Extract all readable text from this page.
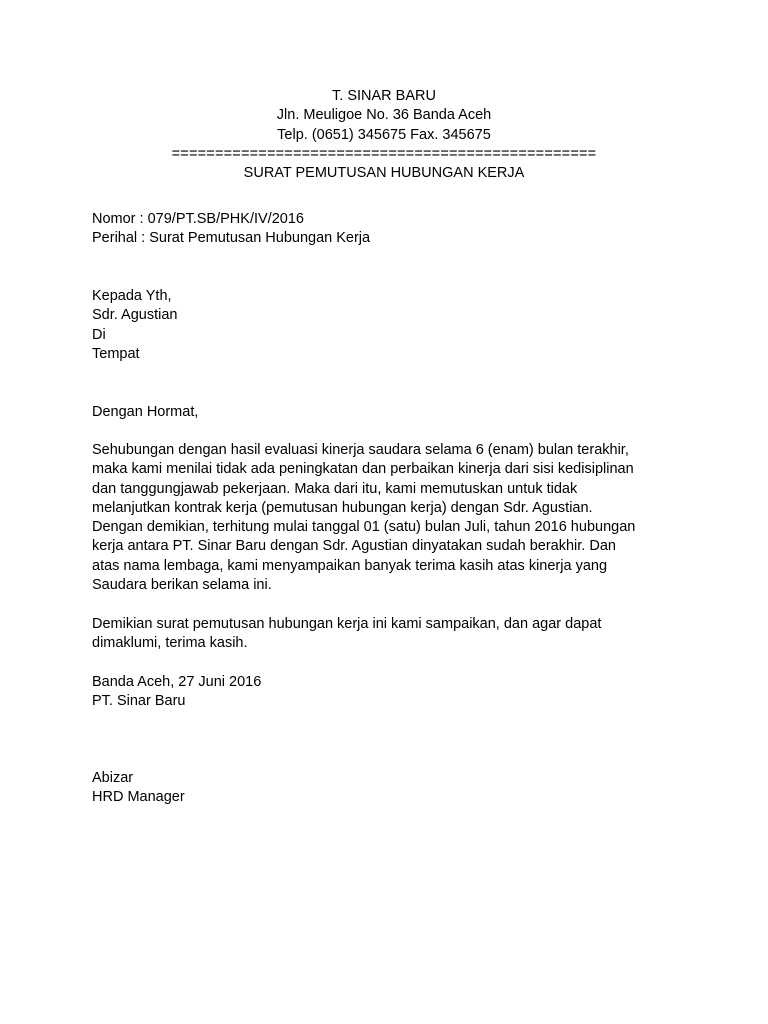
T. SINAR BARU
Jln. Meuligoe No. 36 Banda Aceh
Telp. (0651) 345675 Fax. 345675
=================================================
SURAT PEMUTUSAN HUBUNGAN KERJA
Nomor : 079/PT.SB/PHK/IV/2016
Perihal : Surat Pemutusan Hubungan Kerja
Kepada Yth,
Sdr. Agustian
Di
Tempat
Dengan Hormat,
Sehubungan dengan hasil evaluasi kinerja saudara selama 6 (enam) bulan terakhir,
maka kami menilai tidak ada peningkatan dan perbaikan kinerja dari sisi kedisiplinan
dan tanggungjawab pekerjaan. Maka dari itu, kami memutuskan untuk tidak
melanjutkan kontrak kerja (pemutusan hubungan kerja) dengan Sdr. Agustian.
Dengan demikian, terhitung mulai tanggal 01 (satu) bulan Juli, tahun 2016 hubungan
kerja antara PT. Sinar Baru dengan Sdr. Agustian dinyatakan sudah berakhir. Dan
atas nama lembaga, kami menyampaikan banyak terima kasih atas kinerja yang
Saudara berikan selama ini.
Demikian surat pemutusan hubungan kerja ini kami sampaikan, dan agar dapat
dimaklumi, terima kasih.
Banda Aceh, 27 Juni 2016
PT. Sinar Baru
Abizar
HRD Manager
